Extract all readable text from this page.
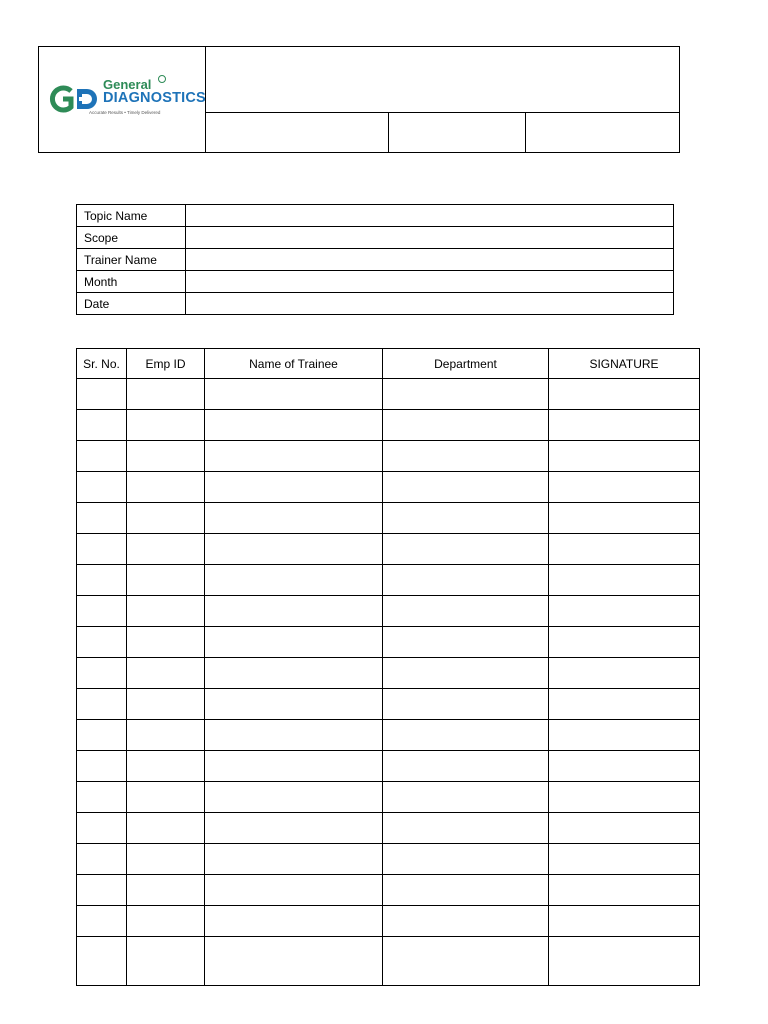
General
DIAGNOSTICS
Accurate Results • Timely Delivered			

Topic Name	
Scope	
Trainer Name	
Month	
Date	
Sr. No.	Emp ID	Name of Trainee	Department	SIGNATURE
